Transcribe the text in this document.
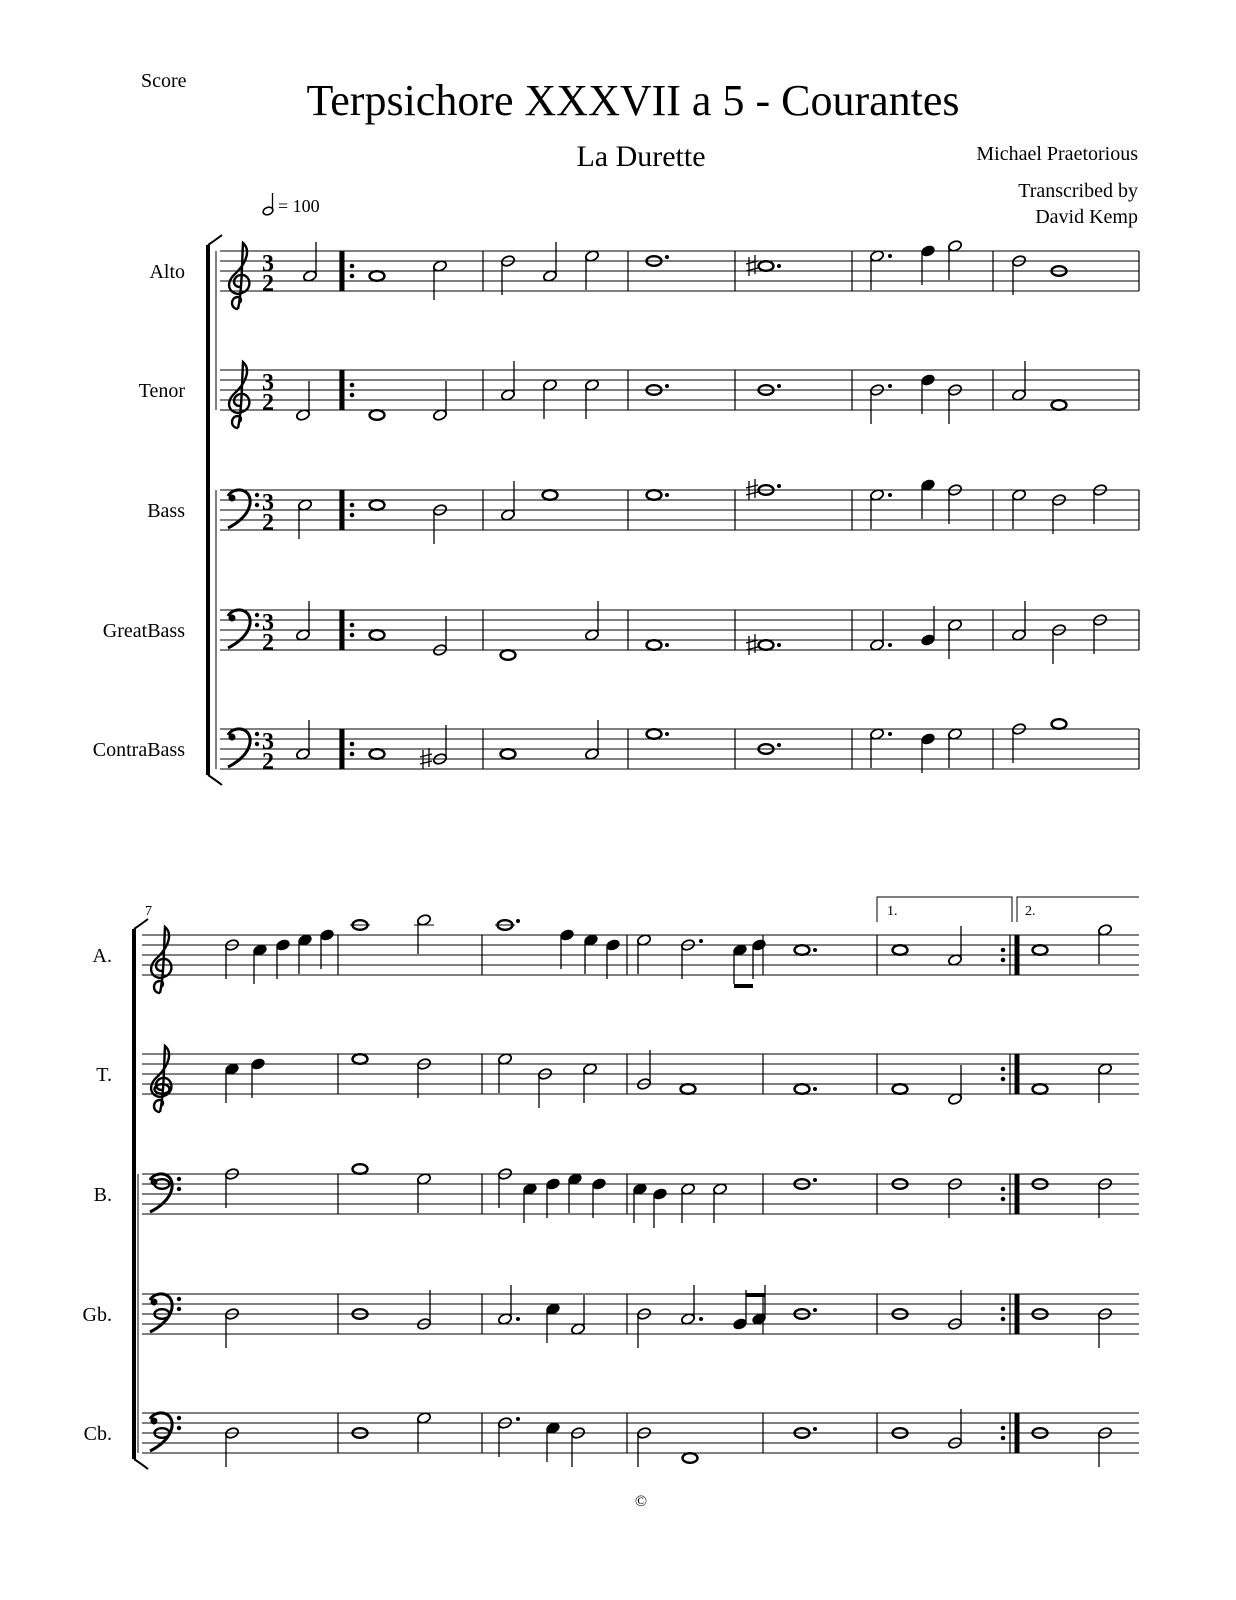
Score	Terpsichore XXXVII a 5 - Courantes
La Durette	Michael Praetorious
Transcribed by
David Kemp
= 100
Alto	3
2
Tenor	3
2
Bass	3
2
GreatBass	3
2
ContraBass	3
2
A.
T.
B.
Gb.
Cb.
7	1.	2.
©
